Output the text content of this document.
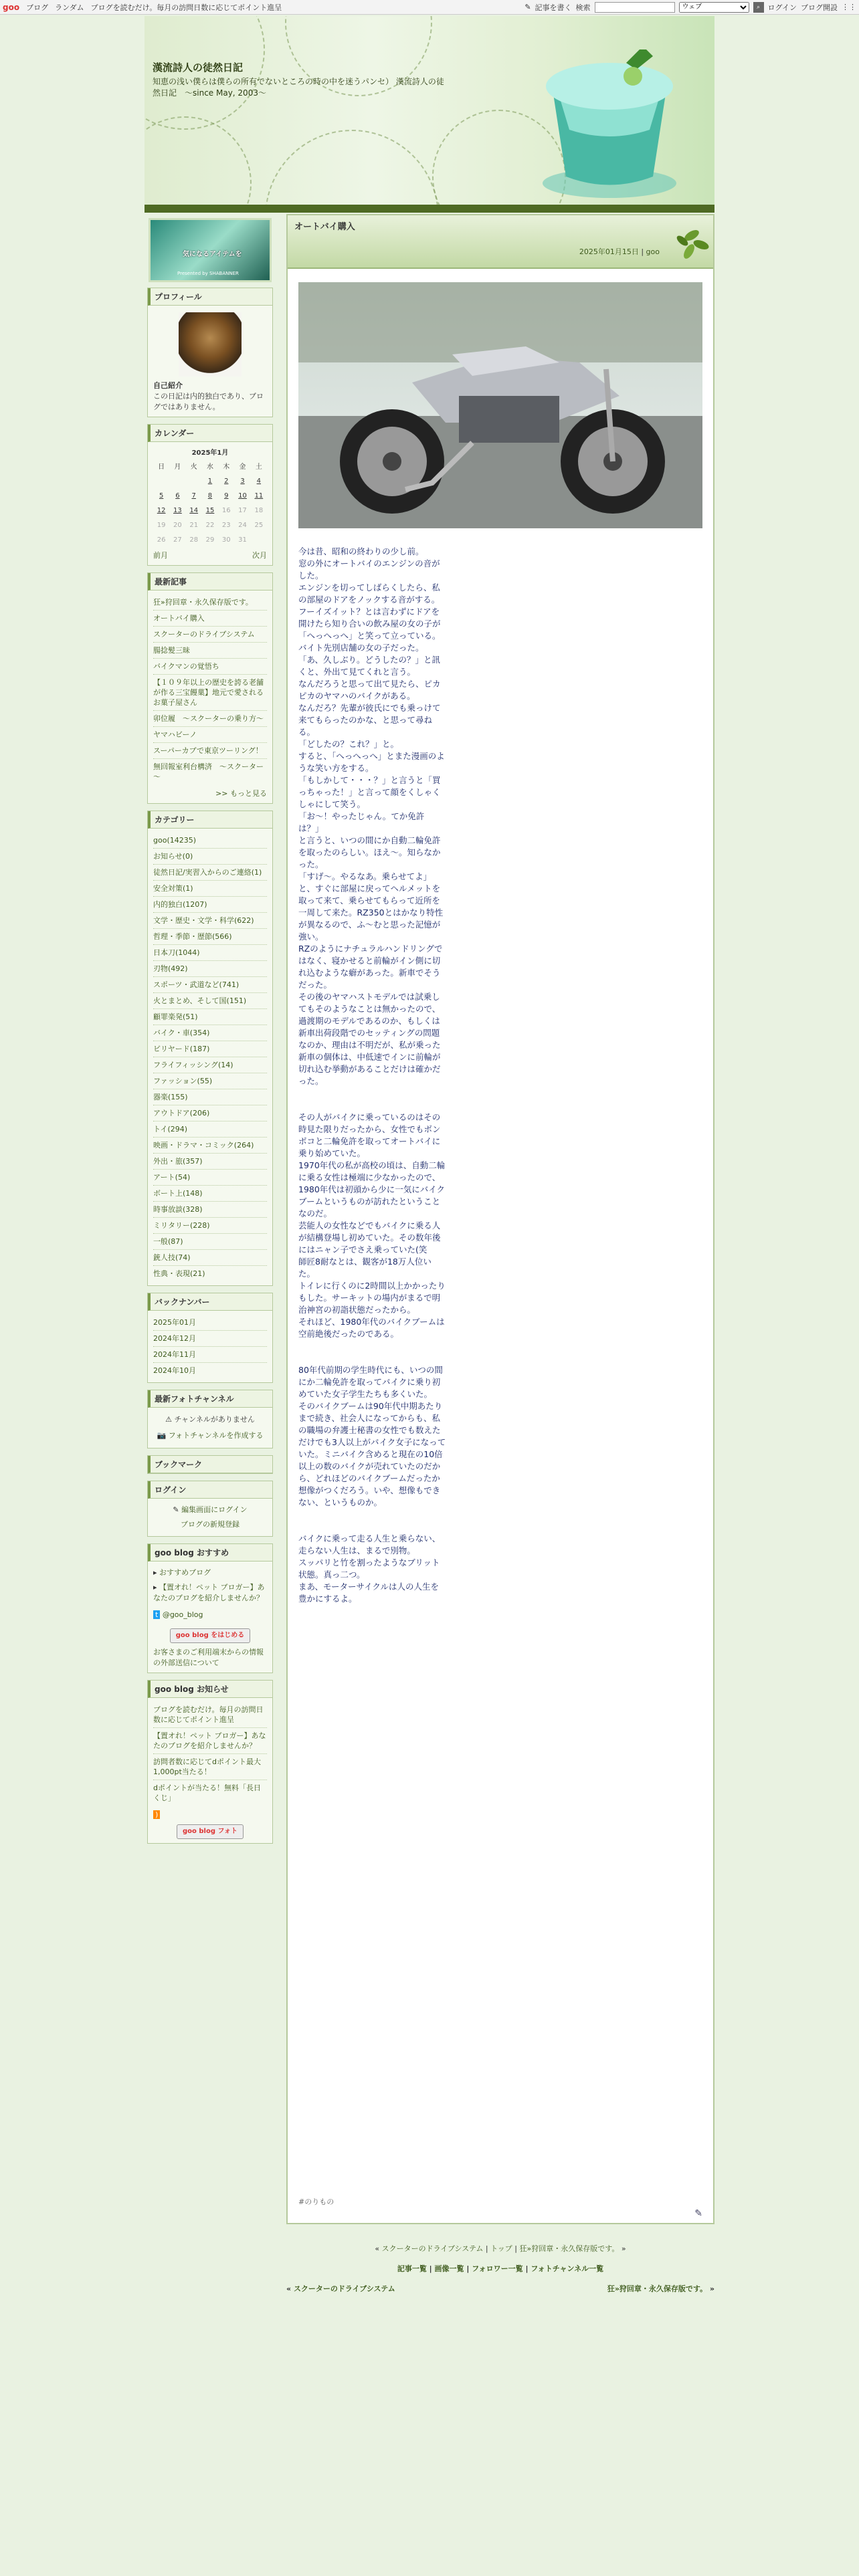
goo ブログ ランダム ブログを読むだけ。毎月の訪問日数に応じてポイント進呈	✎ 記事を書く 検索
ウェブ	⌕	ログイン ブログ開設 ⋮⋮
漢流詩人の徒然日記
知恵の浅い僕らは僕らの所有でないところの時の中を迷うパンセ） 漢流詩人の徒然日記　～since May, 2003～
気になるアイテムを
Presented by SHABANNER
プロフィール
自己紹介
この日記は内的独白であり、ブログではありません。
カレンダー
2025年1月						
日	月	火	水	木	金	土
			1	2	3	4
5	6	7	8	9	10	11
12	13	14	15	16	17	18
19	20	21	22	23	24	25
26	27	28	29	30	31	
前月	次月
最新記事
狂»狩回章・永久保存版です。
オートバイ購入
スクーターのドライブシステム
腸捻髪三昧
バイクマンの覚悟ち
【１０９年以上の歴史を誇る老舗が作る三宝饅菓】地元で愛されるお菓子屋さん
卯位履　～スクーターの乗り方～
ヤマハビーノ
スーパーカブで東京ツーリング！
無回報室利台構済　～スクーター～
>> もっと見る
カテゴリー
goo(14235)
お知らせ(0)
徒然日記/実習入からのご連絡(1)
安全対策(1)
内的独白(1207)
文学・歴史・文学・科学(622)
哲理・季節・歴節(566)
日本刀(1044)
刃物(492)
スポーツ・武道など(741)
火とまとめ、そして国(151)
顧罪楽発(51)
バイク・車(354)
ビリヤード(187)
フライフィッシング(14)
ファッション(55)
器楽(155)
アウトドア(206)
トイ(294)
映画・ドラマ・コミック(264)
外出・旅(357)
アート(54)
ボート上(148)
時事放談(328)
ミリタリー(228)
一般(87)
銃人技(74)
性典・表現(21)
バックナンバー
2025年01月
2024年12月
2024年11月
2024年10月
最新フォトチャンネル
⚠ チャンネルがありません
📷 フォトチャンネルを作成する
ブックマーク
ログイン
✎ 編集画面にログイン
ブログの新規登録
goo blog おすすめ
▸ おすすめブログ
▸ 【置オれ！ペット ブロガー】あなたのブログを紹介しませんか？
t @goo_blog
goo blog をはじめる
お客さまのご利用端末からの情報の外部送信について
goo blog お知らせ
ブログを読むだけ。毎月の訪問日数に応じてポイント進呈
【置オれ！ペット ブロガー】あなたのブログを紹介しませんか？
訪問者数に応じてdポイント最大1,000pt当たる！
dポイントが当たる！無料「長日くじ」
)
goo blog フォト
オートバイ購入
2025年01月15日 | goo
今は昔、昭和の終わりの少し前。
窓の外にオートバイのエンジンの音がした。
エンジンを切ってしばらくしたら、私の部屋のドアをノックする音がする。
フーイズイット？とは言わずにドアを開けたら知り合いの飲み屋の女の子が「へっへっへ」と笑って立っている。バイト先別店舗の女の子だった。
「あ、久しぶり。どうしたの？」と訊くと、外出て見てくれと言う。
なんだろうと思って出て見たら、ピカピカのヤマハのバイクがある。
なんだろ？先輩が彼氏にでも乗っけて来てもらったのかな、と思って尋ねる。
「どしたの？これ？」と。
すると、「へっへっへ」とまた漫画のような笑い方をする。
「もしかして・・・？」と言うと「買っちゃった！」と言って顔をくしゃくしゃにして笑う。
「お〜！やったじゃん。てか免許は？」
と言うと、いつの間にか自動二輪免許を取ったのらしい。ほえ〜。知らなかった。
「すげ〜。やるなあ。乗らせてよ」と、すぐに部屋に戻ってヘルメットを取って来て、乗らせてもらって近所を一周して来た。RZ350とはかなり特性が異なるので、ふ〜むと思った記憶が強い。
RZのようにナチュラルハンドリングではなく、寝かせると前輪がイン側に切れ込むような癖があった。新車でそうだった。
その後のヤマハストモデルでは試乗してもそのようなことは無かったので、過渡期のモデルであるのか、もしくは新車出荷段階でのセッティングの問題なのか、理由は不明だが、私が乗った新車の個体は、中低速でインに前輪が切れ込む挙動があることだけは確かだった。

その人がバイクに乗っているのはその時見た限りだったから、女性でもボンボコと二輪免許を取ってオートバイに乗り始めていた。
1970年代の私が高校の頃は、自動二輪に乗る女性は極端に少なかったので、1980年代は初頭から少に一気にバイクブームというものが訪れたということなのだ。
芸能人の女性などでもバイクに乗る人が結構登場し初めていた。その数年後にはニャン子でさえ乗っていた(笑
師匠8耐なとは、観客が18万人位いた。
トイレに行くのに2時間以上かかったりもした。サーキットの場内がまるで明治神宮の初詣状態だったから。
それほど、1980年代のバイクブームは空前絶後だったのである。

80年代前期の学生時代にも、いつの間にか二輪免許を取ってバイクに乗り初めていた女子学生たちも多くいた。
そのバイクブームは90年代中期あたりまで続き、社会人になってからも、私の職場の弁護士秘書の女性でも数えただけでも3人以上がバイク女子になっていた。ミニバイク含めると現在の10倍以上の数のバイクが売れていたのだから、どれほどのバイクブームだったか想像がつくだろう。いや、想像もできない、というものか。

バイクに乗って走る人生と乗らない、走らない人生は、まるで別物。
スッパリと竹を割ったようなブリット状態。真っ二つ。
まあ、モーターサイクルは人の人生を豊かにするよ。
#のりもの
✎
« スクーターのドライブシステム | トップ | 狂»狩回章・永久保存版です。 »
記事一覧 | 画像一覧 | フォロワー一覧 | フォトチャンネル一覧
« スクーターのドライブシステム	狂»狩回章・永久保存版です。 »
